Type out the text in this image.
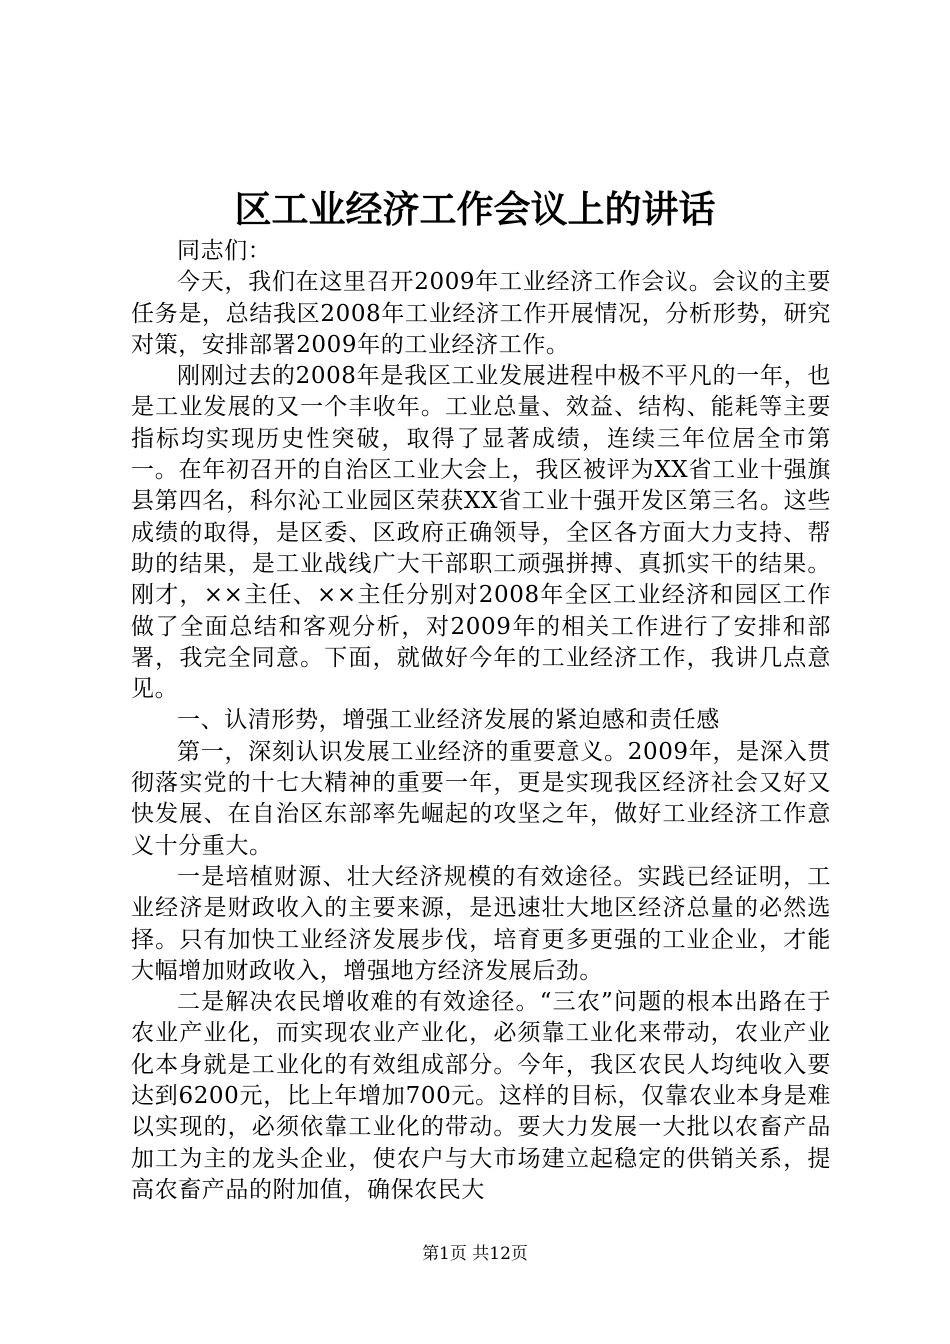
区工业经济工作会议上的讲话

同志们：

今天，我们在这里召开2009年工业经济工作会议。会议的主要任务是，总结我区2008年工业经济工作开展情况，分析形势，研究对策，安排部署2009年的工业经济工作。

刚刚过去的2008年是我区工业发展进程中极不平凡的一年，也是工业发展的又一个丰收年。工业总量、效益、结构、能耗等主要指标均实现历史性突破，取得了显著成绩，连续三年位居全市第一。在年初召开的自治区工业大会上，我区被评为XX省工业十强旗县第四名，科尔沁工业园区荣获XX省工业十强开发区第三名。这些成绩的取得，是区委、区政府正确领导，全区各方面大力支持、帮助的结果，是工业战线广大干部职工顽强拼搏、真抓实干的结果。刚才，××主任、××主任分别对2008年全区工业经济和园区工作做了全面总结和客观分析，对2009年的相关工作进行了安排和部署，我完全同意。下面，就做好今年的工业经济工作，我讲几点意见。

一、认清形势，增强工业经济发展的紧迫感和责任感

第一，深刻认识发展工业经济的重要意义。2009年，是深入贯彻落实党的十七大精神的重要一年，更是实现我区经济社会又好又快发展、在自治区东部率先崛起的攻坚之年，做好工业经济工作意义十分重大。

一是培植财源、壮大经济规模的有效途径。实践已经证明，工业经济是财政收入的主要来源，是迅速壮大地区经济总量的必然选择。只有加快工业经济发展步伐，培育更多更强的工业企业，才能大幅增加财政收入，增强地方经济发展后劲。

二是解决农民增收难的有效途径。“三农”问题的根本出路在于农业产业化，而实现农业产业化，必须靠工业化来带动，农业产业化本身就是工业化的有效组成部分。今年，我区农民人均纯收入要达到6200元，比上年增加700元。这样的目标，仅靠农业本身是难以实现的，必须依靠工业化的带动。要大力发展一大批以农畜产品加工为主的龙头企业，使农户与大市场建立起稳定的供销关系，提高农畜产品的附加值，确保农民大

第1页 共12页
